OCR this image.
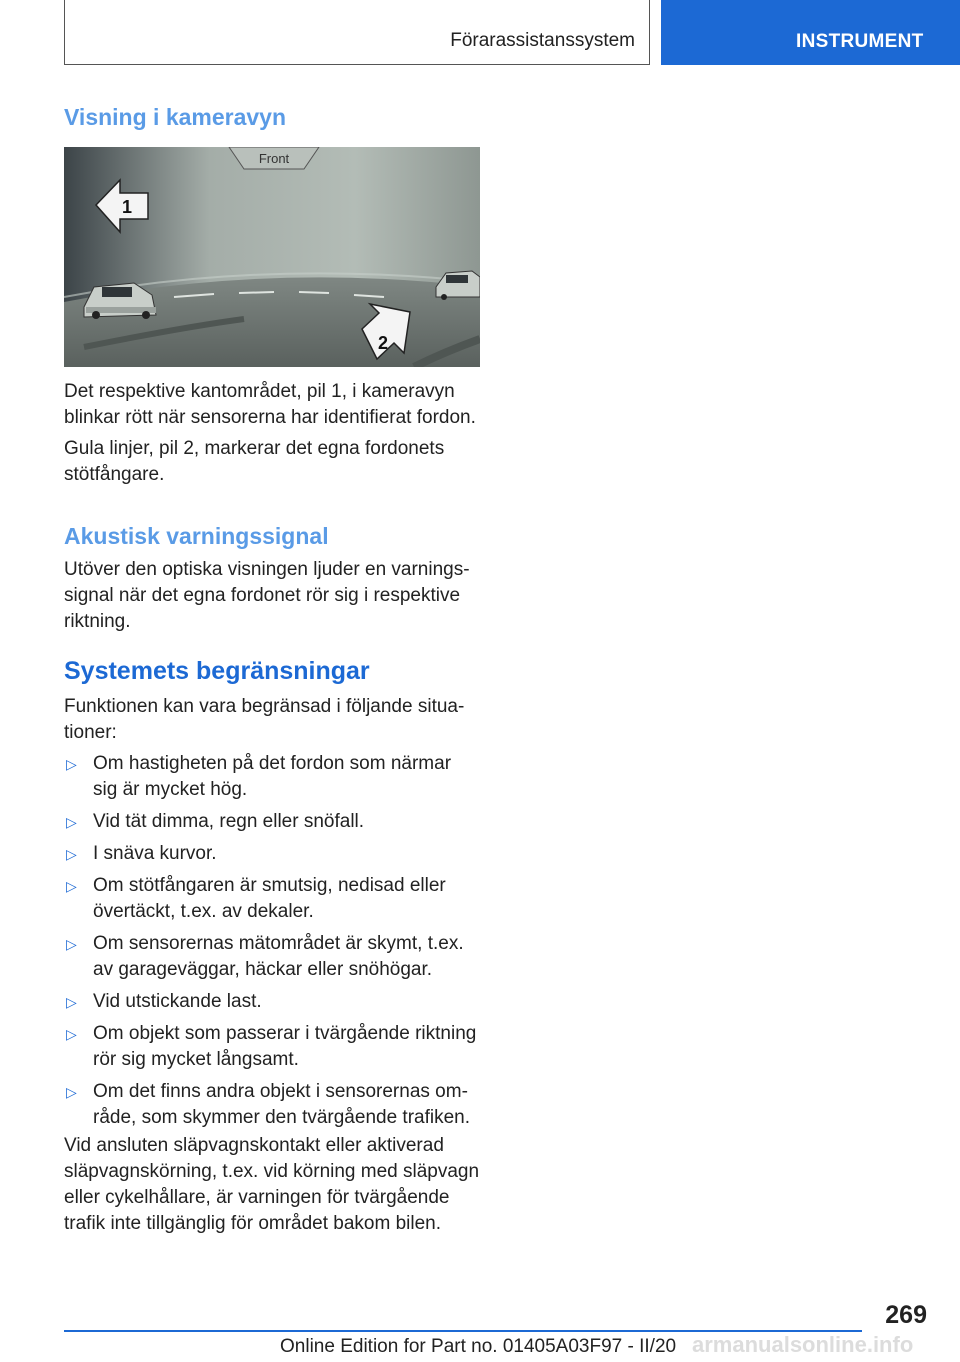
Förarassistanssystem	INSTRUMENT
Visning i kameravyn
Front
1
2

Det respektive kantområdet, pil 1, i kameravyn blinkar rött när sensorerna har identifierat fordon.

Gula linjer, pil 2, markerar det egna fordonets stötfångare.

Akustisk varningssignal

Utöver den optiska visningen ljuder en varningssignal när det egna fordonet rör sig i respektive riktning.

Systemets begränsningar

Funktionen kan vara begränsad i följande situationer:

▷ Om hastigheten på det fordon som närmar sig är mycket hög.
▷ Vid tät dimma, regn eller snöfall.
▷ I snäva kurvor.
▷ Om stötfångaren är smutsig, nedisad eller övertäckt, t.ex. av dekaler.
▷ Om sensorernas mätområdet är skymt, t.ex. av garageväggar, häckar eller snöhögar.
▷ Vid utstickande last.
▷ Om objekt som passerar i tvärgående riktning rör sig mycket långsamt.
▷ Om det finns andra objekt i sensorernas område, som skymmer den tvärgående trafiken.

Vid ansluten släpvagnskontakt eller aktiverad släpvagnskörning, t.ex. vid körning med släpvagn eller cykelhållare, är varningen för tvärgående trafik inte tillgänglig för området bakom bilen.

269
Online Edition for Part no. 01405A03F97 - II/20 armanualsonline.info
